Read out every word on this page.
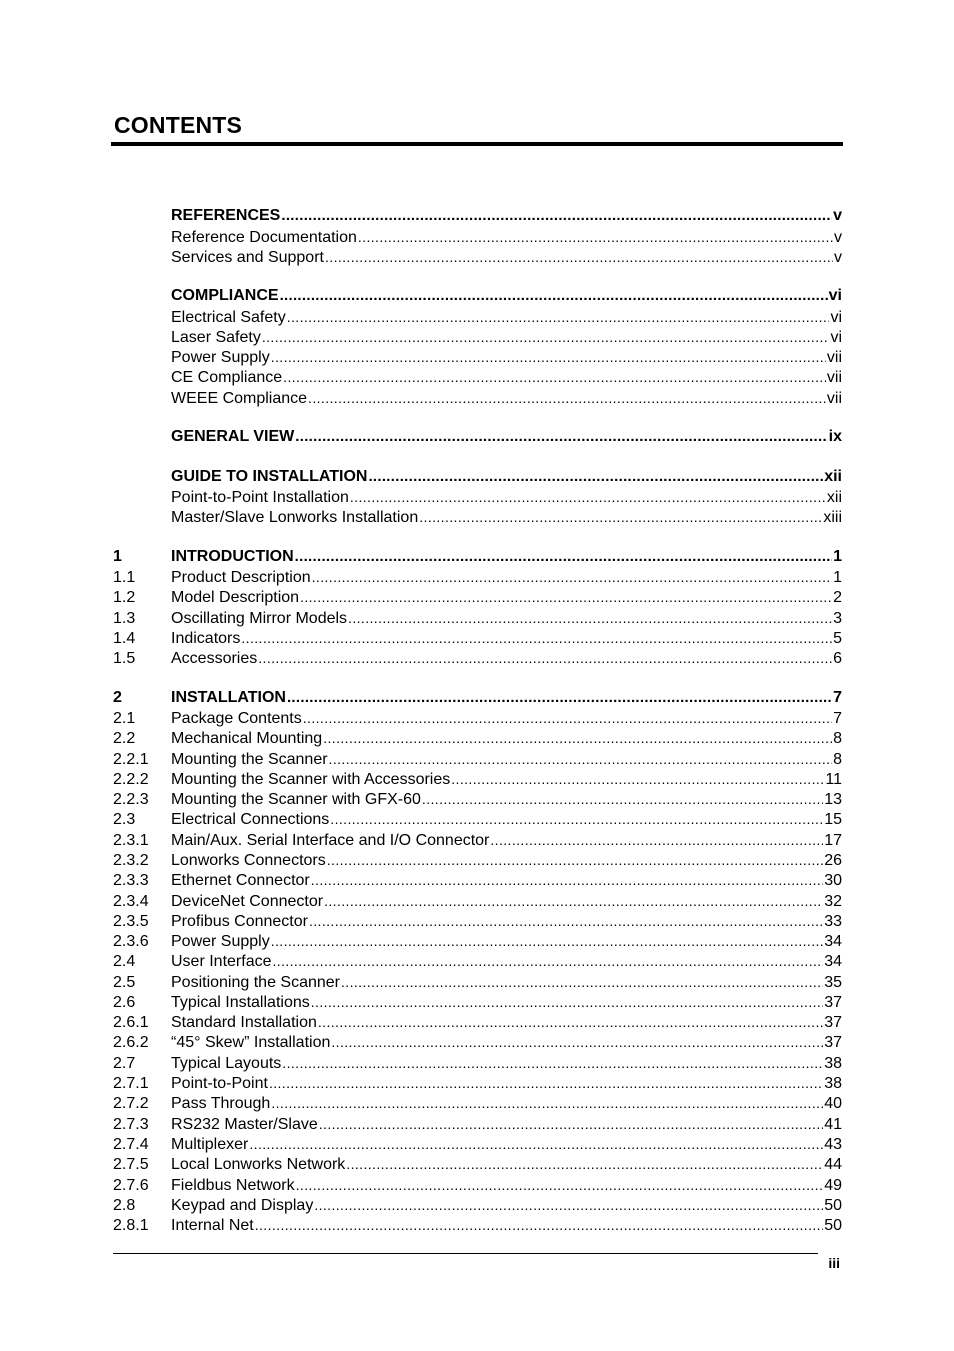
CONTENTS
REFERENCES .....	v
Reference Documentation .....	v
Services and Support .....	v
COMPLIANCE .....	vi
Electrical Safety .....	vi
Laser Safety .....	vi
Power Supply .....	vii
CE Compliance .....	vii
WEEE Compliance .....	vii
GENERAL VIEW .....	ix
GUIDE TO INSTALLATION .....	xii
Point-to-Point Installation .....	xii
Master/Slave Lonworks Installation .....	xiii
1	INTRODUCTION .....	1
1.1	Product Description .....	1
1.2	Model Description .....	2
1.3	Oscillating Mirror Models .....	3
1.4	Indicators .....	5
1.5	Accessories .....	6
2	INSTALLATION .....	7
2.1	Package Contents .....	7
2.2	Mechanical Mounting .....	8
2.2.1	Mounting the Scanner .....	8
2.2.2	Mounting the Scanner with Accessories .....	11
2.2.3	Mounting the Scanner with GFX-60 .....	13
2.3	Electrical Connections .....	15
2.3.1	Main/Aux. Serial Interface and I/O Connector .....	17
2.3.2	Lonworks Connectors .....	26
2.3.3	Ethernet Connector .....	30
2.3.4	DeviceNet Connector .....	32
2.3.5	Profibus Connector .....	33
2.3.6	Power Supply .....	34
2.4	User Interface .....	34
2.5	Positioning the Scanner .....	35
2.6	Typical Installations .....	37
2.6.1	Standard Installation .....	37
2.6.2	“45° Skew” Installation .....	37
2.7	Typical Layouts .....	38
2.7.1	Point-to-Point .....	38
2.7.2	Pass Through .....	40
2.7.3	RS232 Master/Slave .....	41
2.7.4	Multiplexer .....	43
2.7.5	Local Lonworks Network .....	44
2.7.6	Fieldbus Network .....	49
2.8	Keypad and Display .....	50
2.8.1	Internal Net .....	50
iii
